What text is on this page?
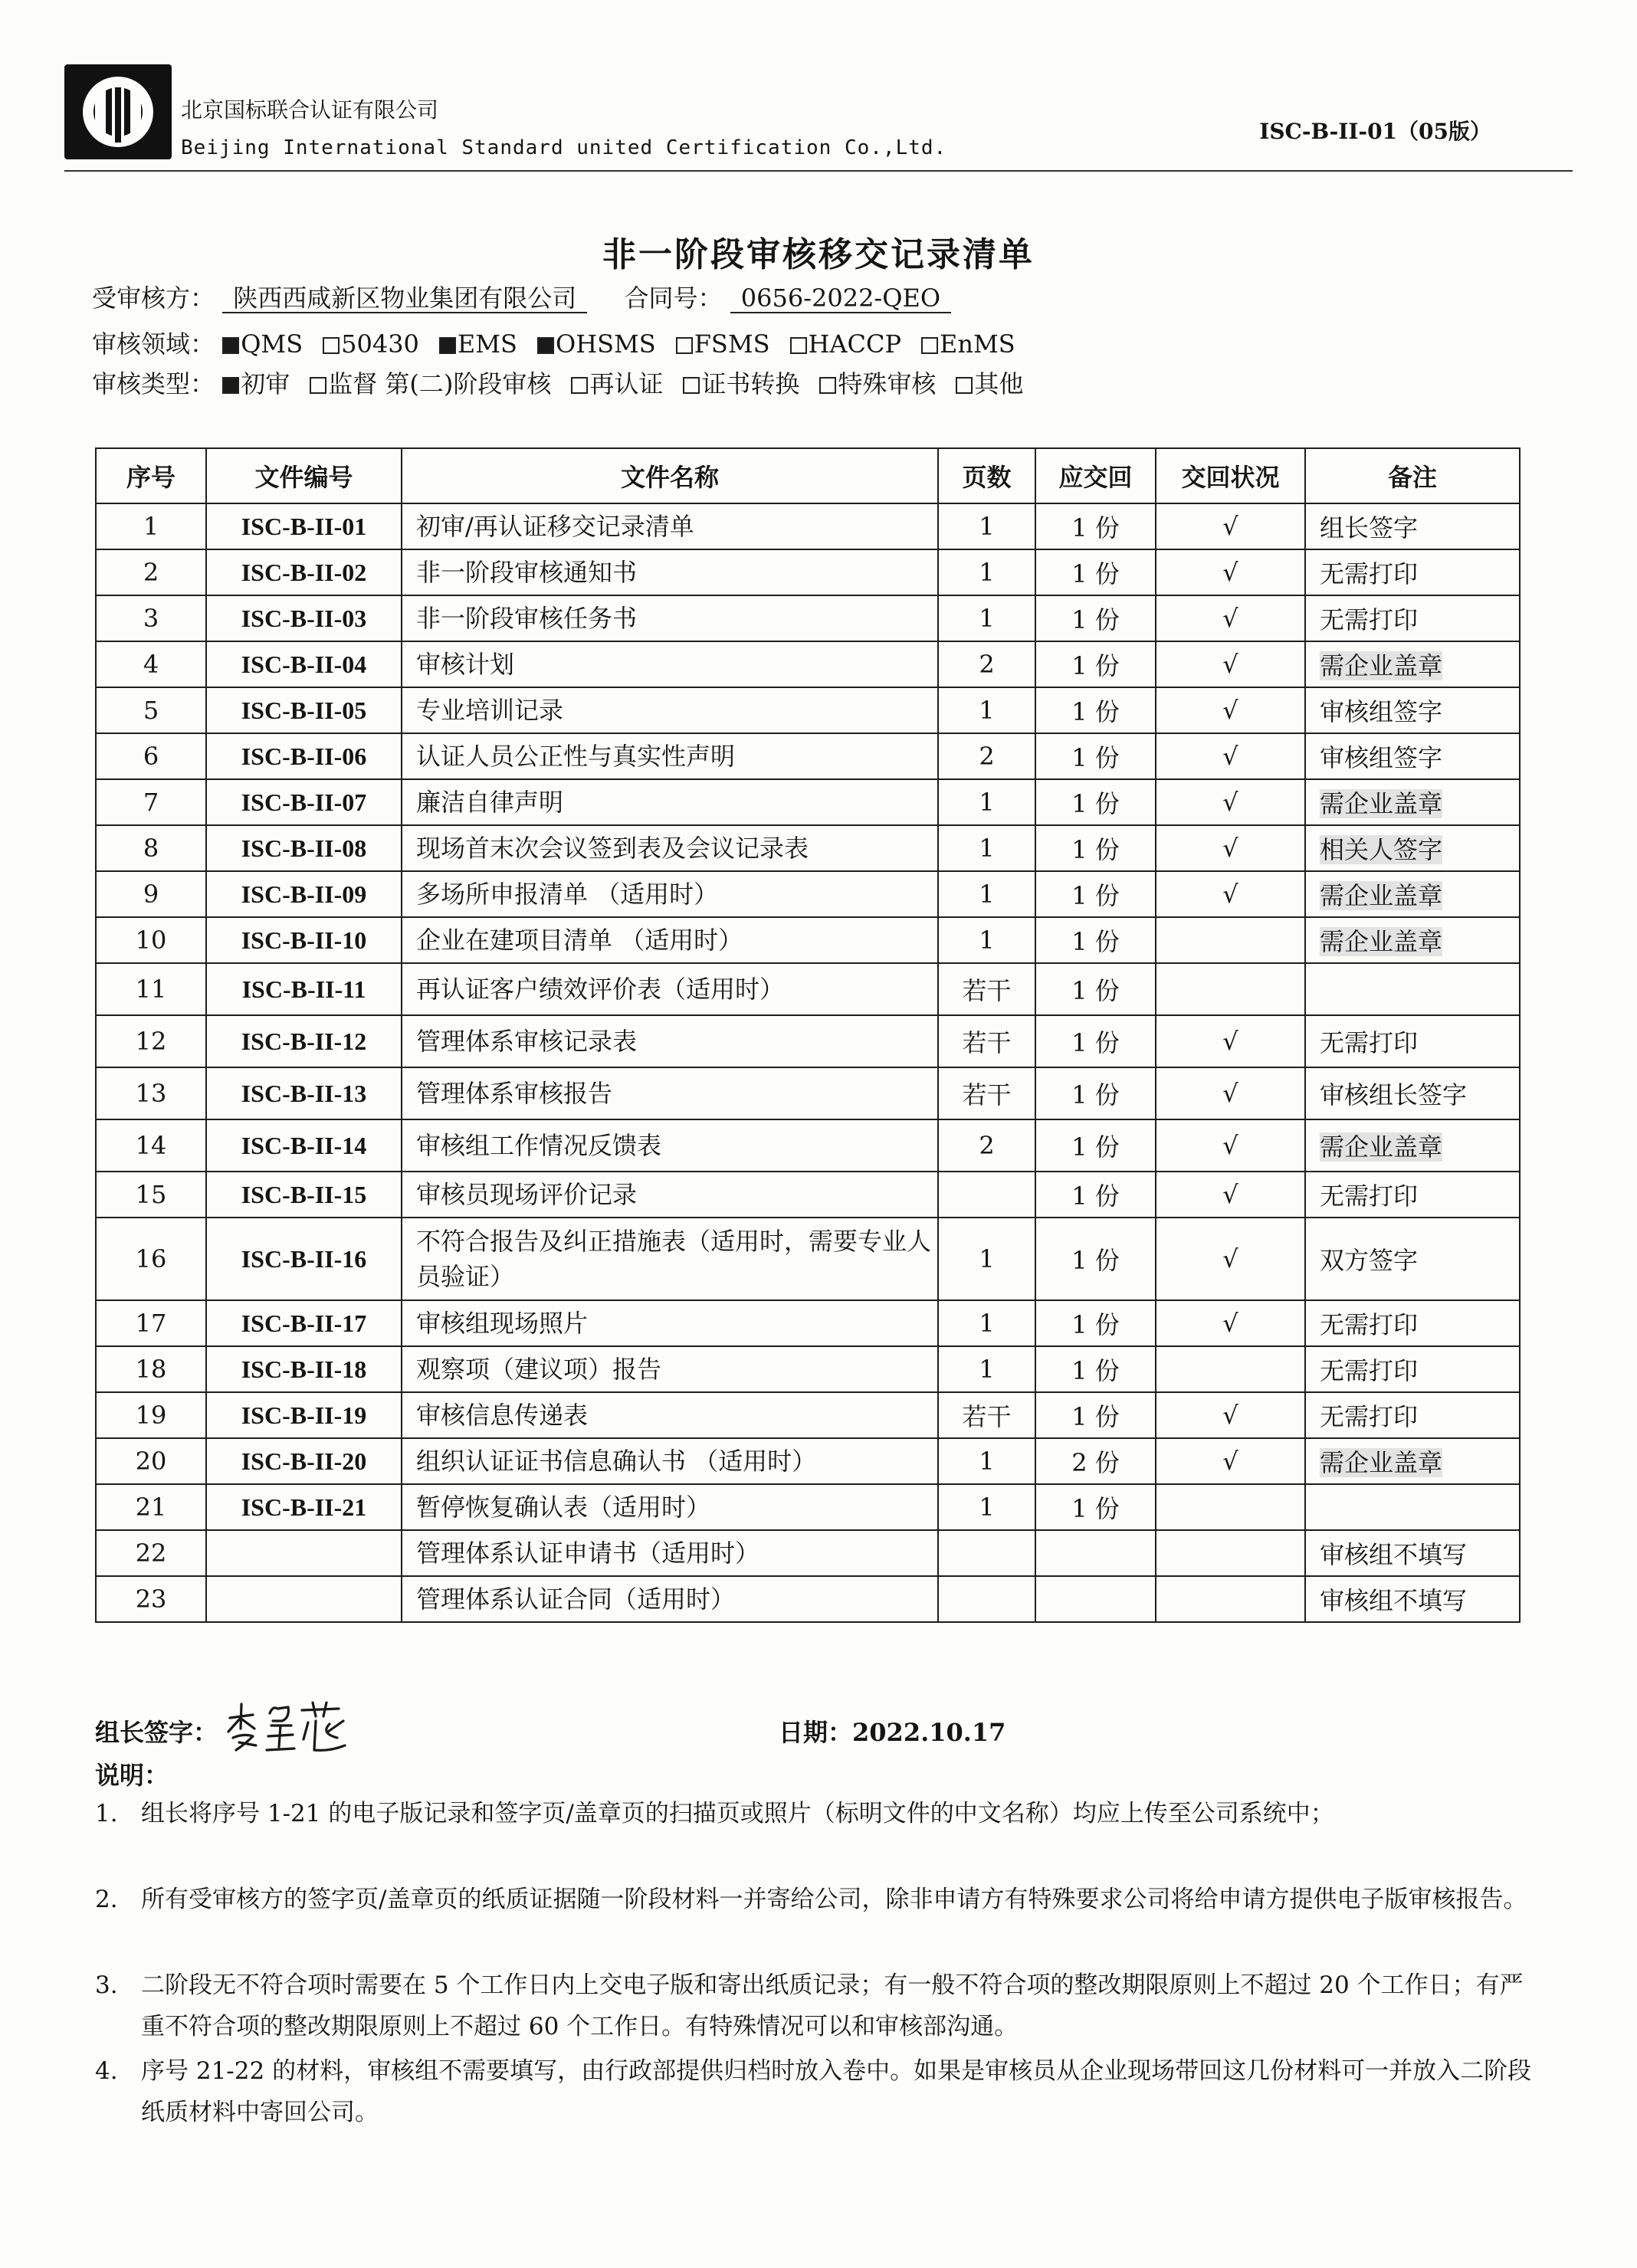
北京国标联合认证有限公司
Beijing International Standard united Certification Co.,Ltd.
ISC-B-II-01（05版）
非一阶段审核移交记录清单
受审核方： 陕西西咸新区物业集团有限公司 合同号： 0656-2022-QEO
审核领域： QMS 50430 EMS OHSMS FSMS HACCP EnMS
审核类型： 初审 监督 第(二)阶段审核 再认证 证书转换 特殊审核 其他
序号	文件编号	文件名称	页数	应交回	交回状况	备注
1	ISC-B-II-01	初审/再认证移交记录清单	1	1 份	√	组长签字
2	ISC-B-II-02	非一阶段审核通知书	1	1 份	√	无需打印
3	ISC-B-II-03	非一阶段审核任务书	1	1 份	√	无需打印
4	ISC-B-II-04	审核计划	2	1 份	√	需企业盖章
5	ISC-B-II-05	专业培训记录	1	1 份	√	审核组签字
6	ISC-B-II-06	认证人员公正性与真实性声明	2	1 份	√	审核组签字
7	ISC-B-II-07	廉洁自律声明	1	1 份	√	需企业盖章
8	ISC-B-II-08	现场首末次会议签到表及会议记录表	1	1 份	√	相关人签字
9	ISC-B-II-09	多场所申报清单 （适用时）	1	1 份	√	需企业盖章
10	ISC-B-II-10	企业在建项目清单 （适用时）	1	1 份		需企业盖章
11	ISC-B-II-11	再认证客户绩效评价表（适用时）	若干	1 份		
12	ISC-B-II-12	管理体系审核记录表	若干	1 份	√	无需打印
13	ISC-B-II-13	管理体系审核报告	若干	1 份	√	审核组长签字
14	ISC-B-II-14	审核组工作情况反馈表	2	1 份	√	需企业盖章
15	ISC-B-II-15	审核员现场评价记录		1 份	√	无需打印
16	ISC-B-II-16	不符合报告及纠正措施表（适用时，需要专业人员验证）	1	1 份	√	双方签字
17	ISC-B-II-17	审核组现场照片	1	1 份	√	无需打印
18	ISC-B-II-18	观察项（建议项）报告	1	1 份		无需打印
19	ISC-B-II-19	审核信息传递表	若干	1 份	√	无需打印
20	ISC-B-II-20	组织认证证书信息确认书 （适用时）	1	2 份	√	需企业盖章
21	ISC-B-II-21	暂停恢复确认表（适用时）	1	1 份		
22		管理体系认证申请书（适用时）				审核组不填写
23		管理体系认证合同（适用时）				审核组不填写
组长签字：	日期：2022.10.17
说明：
1. 组长将序号 1-21 的电子版记录和签字页/盖章页的扫描页或照片（标明文件的中文名称）均应上传至公司系统中；
2. 所有受审核方的签字页/盖章页的纸质证据随一阶段材料一并寄给公司，除非申请方有特殊要求公司将给申请方提供电子版审核报告。
3. 二阶段无不符合项时需要在 5 个工作日内上交电子版和寄出纸质记录；有一般不符合项的整改期限原则上不超过 20 个工作日；有严重不符合项的整改期限原则上不超过 60 个工作日。有特殊情况可以和审核部沟通。
4. 序号 21-22 的材料，审核组不需要填写，由行政部提供归档时放入卷中。如果是审核员从企业现场带回这几份材料可一并放入二阶段纸质材料中寄回公司。
